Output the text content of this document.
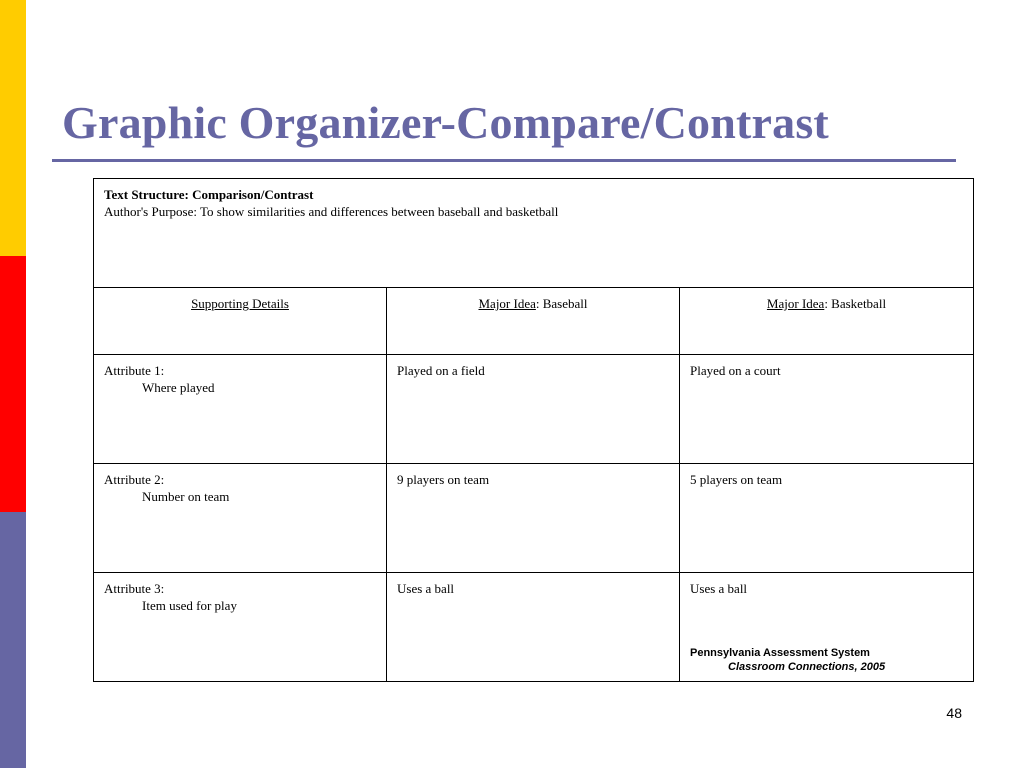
Graphic Organizer-Compare/Contrast
Text Structure: Comparison/Contrast
Author's Purpose: To show similarities and differences between baseball and basketball		

Supporting Details	Major Idea: Baseball	Major Idea: Basketball
Attribute 1:
Where played	Played on a field	Played on a court
Attribute 2:
Number on team	9 players on team	5 players on team
Attribute 3:
Item used for play	Uses a ball	Uses a ball
Pennsylvania Assessment System
Classroom Connections, 2005
48
